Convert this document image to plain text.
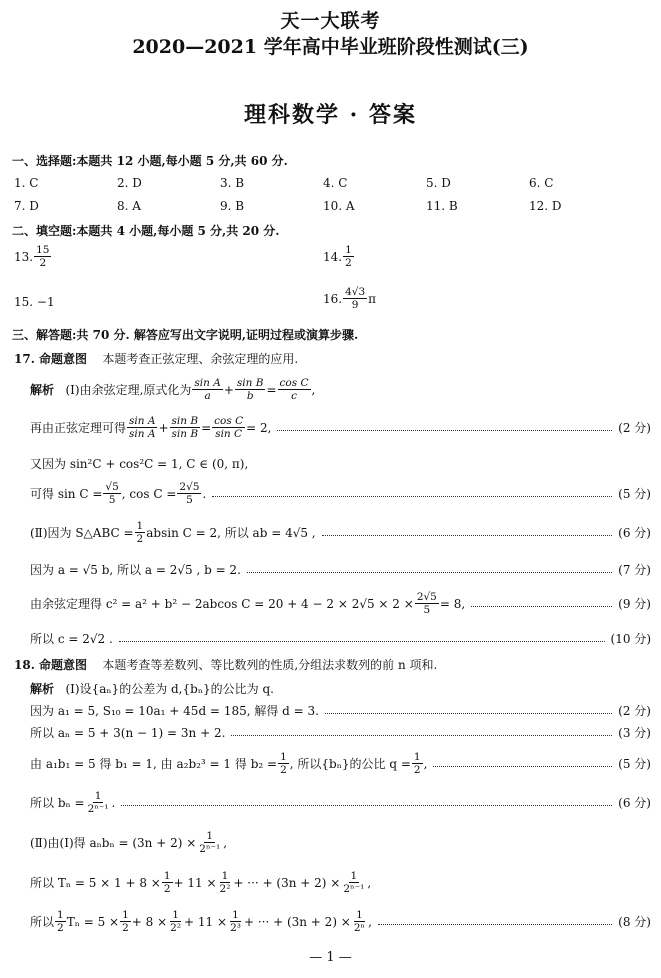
天一大联考
2020—2021 学年高中毕业班阶段性测试(三)
理科数学 · 答案
一、选择题:本题共 12 小题,每小题 5 分,共 60 分.
1. C	2. D	3. B	4. C	5. D	6. C
7. D	8. A	9. B	10. A	11. B	12. D
二、填空题:本题共 4 小题,每小题 5 分,共 20 分.
13. $\frac{15}{2}$	14. $\frac{1}{2}$
15. −1	16. $\frac{4√3}{9}$ π
三、解答题:共 70 分. 解答应写出文字说明,证明过程或演算步骤.
17. 命题意图
本题考查正弦定理、余弦定理的应用.
解析
(Ⅰ)由余弦定理,原式化为 $\frac{\text{sin A}}{a} + \frac{\text{sin B}}{b} = \frac{\text{cos C}}{c}$ ,
再由正弦定理可得 $\frac{\text{sin A}}{\text{sin A}} + \frac{\text{sin B}}{\text{sin B}} = \frac{\text{cos C}}{\text{sin C}} = 2$,	(2 分)
又因为 sin²C + cos²C = 1, C ∈ (0, π),
可得 $\sin C = \frac{√5}{5}$ , $\cos C = \frac{2√5}{5}$ .	(5 分)
(Ⅱ)因为 S△ABC = $\frac{1}{2}$ absin C = 2, 所以 ab = 4√5 ,	(6 分)
因为 a = √5 b, 所以 a = 2√5 , b = 2.	(7 分)
由余弦定理得 c² = a² + b² − 2abcos $C = 20 + 4 - 2 \times 2√5 \times 2 \times \frac{2√5}{5} = 8$,	(9 分)
所以 c = 2√2 .	(10 分)
18. 命题意图
本题考查等差数列、等比数列的性质,分组法求数列的前 n 项和.
解析
(Ⅰ)设{aₙ}的公差为 d,{bₙ}的公比为 q.
因为 a₁ = 5, S₁₀ = 10a₁ + 45d = 185, 解得 d = 3.	(2 分)
所以 aₙ = 5 + 3(n − 1) = 3n + 2.	(3 分)
由 a₁b₁ = 5 得 b₁ = 1, 由 a₂b₂³ = 1 得 $b_2 = \frac{1}{2}$ , 所以{bₙ}的公比 $q = \frac{1}{2}$ ,	(5 分)
所以 $b_n = \frac{1}{\text{2ⁿ⁻¹}}$ .	(6 分)
(Ⅱ)由(Ⅰ)得 $a_nb_n = (3n + 2) \times \frac{1}{\text{2ⁿ⁻¹}}$ ,
所以 $T_n = 5 \times 1 + 8 \times \frac{1}{2} + 11 \times \frac{1}{\text{2²}}$ + ··· + $(3n + 2) \times \frac{1}{\text{2ⁿ⁻¹}}$ ,
所以 $\frac{1}{2}$ $T_n = 5 \times \frac{1}{2} + 8 \times \frac{1}{\text{2²}} + 11 \times \frac{1}{\text{2³}}$ + ··· + $(3n + 2) \times \frac{1}{\text{2ⁿ}}$ ,	(8 分)
— 1 —
